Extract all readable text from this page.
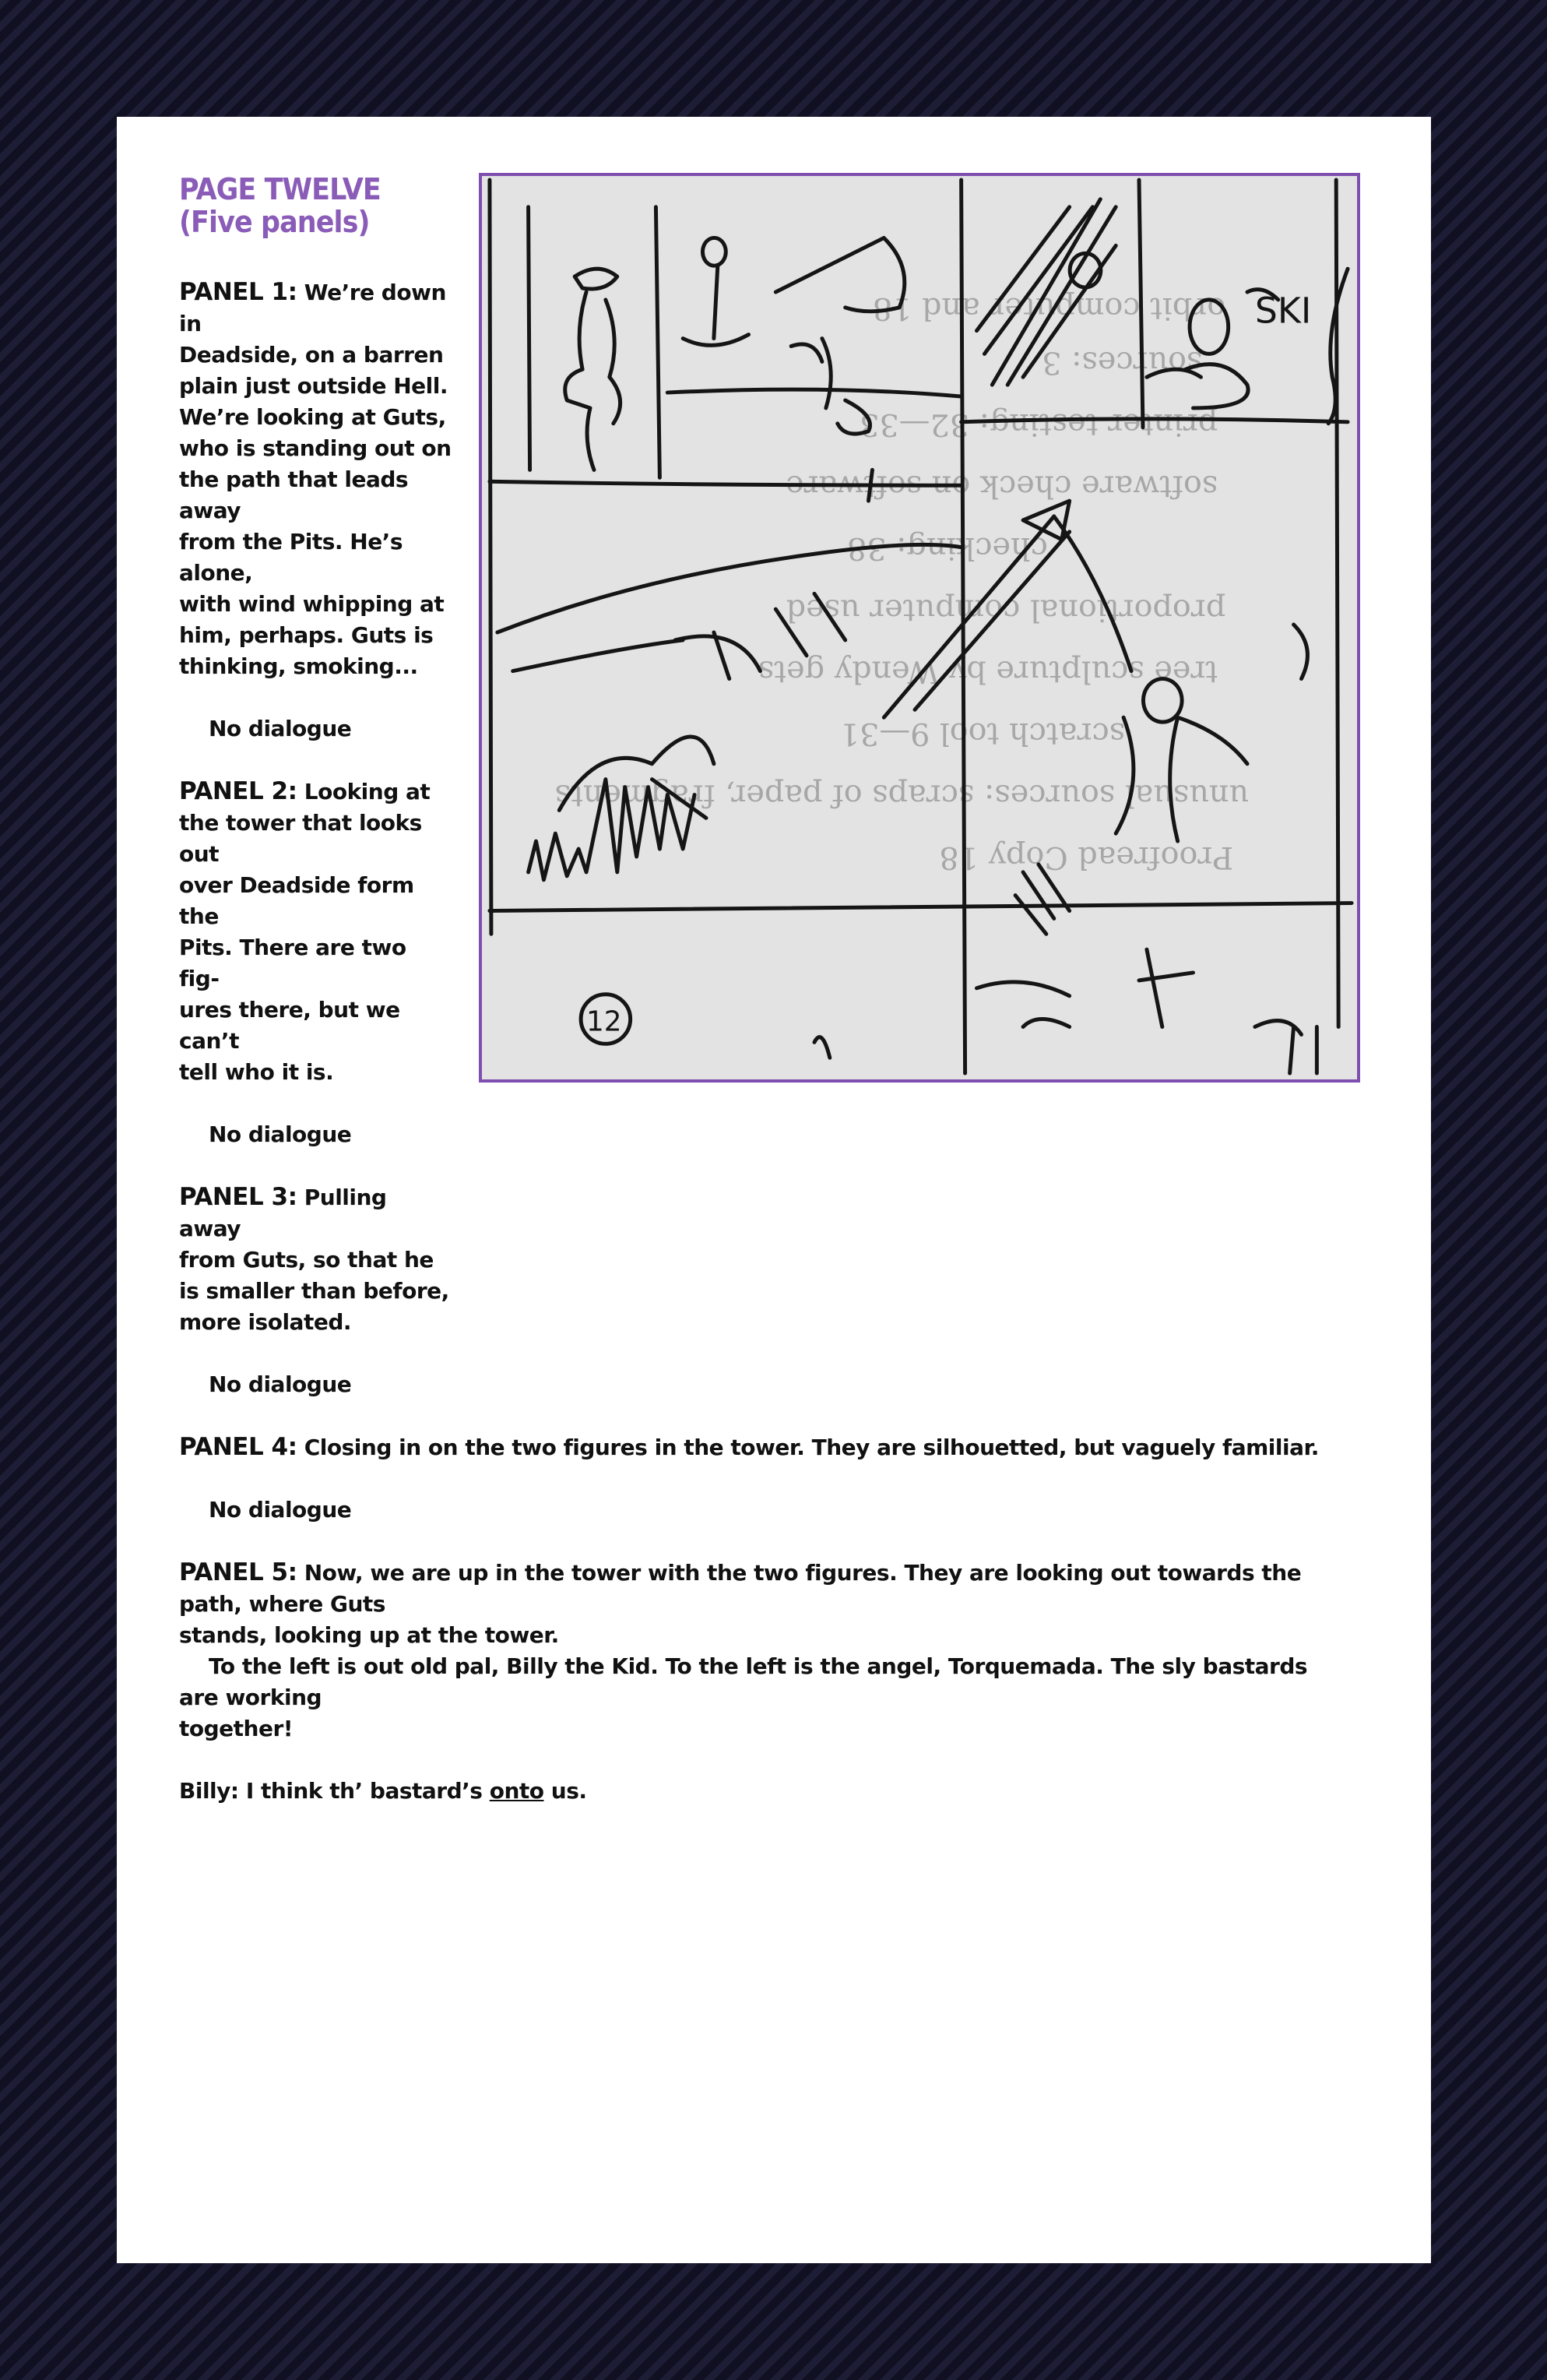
PAGE TWELVE
(Five panels)
Proofread Copy 18
unusual sources: scraps of paper, fragments
scratch tool 9—31
tree sculpture by Wendy gets
proportional computer used
checking: 38
software check on software
printer testing: 32—33
sources: 3
orbit computer and 18
12
SKI
PANEL 1: We’re down in
Deadside, on a barren
plain just outside Hell.
We’re looking at Guts,
who is standing out on
the path that leads away
from the Pits. He’s alone,
with wind whipping at
him, perhaps. Guts is
thinking, smoking...
No dialogue
PANEL 2: Looking at
the tower that looks out
over Deadside form the
Pits. There are two fig-
ures there, but we can’t
tell who it is.
No dialogue
PANEL 3: Pulling away
from Guts, so that he
is smaller than before,
more isolated.
No dialogue
PANEL 4: Closing in on the two figures in the tower. They are silhouetted, but vaguely familiar.
No dialogue
PANEL 5: Now, we are up in the tower with the two figures. They are looking out towards the path, where Guts
stands, looking up at the tower.
To the left is out old pal, Billy the Kid. To the left is the angel, Torquemada. The sly bastards are working
together!
Billy: I think th’ bastard’s onto us.
